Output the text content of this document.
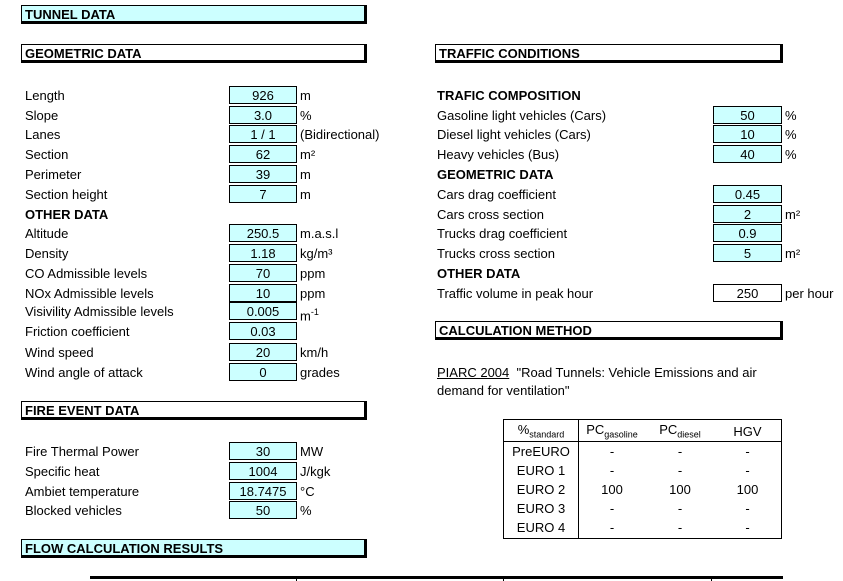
TUNNEL DATA
GEOMETRIC DATA	TRAFFIC CONDITIONS
CALCULATION METHOD
FIRE EVENT DATA
FLOW CALCULATION RESULTS
Length	926	m
Slope	3.0	%
Lanes	1 / 1	(Bidirectional)
Section	62	m²
Perimeter	39	m
Section height	7	m
OTHER DATA
Altitude	250.5	m.a.s.l
Density	1.18	kg/m³
CO Admissible levels	70	ppm
NOx Admissible levels	10	ppm
Visivility Admissible levels	0.005	$m^{-1}$
Friction coefficient	0.03
Wind speed	20	km/h
Wind angle of attack	0	grades
Fire Thermal Power	30	MW
Specific heat	1004	J/kgk
Ambiet temperature	18.7475	°C
Blocked vehicles	50	%
TRAFIC COMPOSITION
Gasoline light vehicles (Cars)	50	%
Diesel light vehicles (Cars)	10	%
Heavy vehicles (Bus)	40	%
GEOMETRIC DATA
Cars drag coefficient	0.45
Cars cross section	2	m²
Trucks drag coefficient	0.9
Trucks cross section	5	m²
OTHER DATA
Traffic volume in peak hour	250	per hour
PIARC 2004  "Road Tunnels: Vehicle Emissions and air
demand for ventilation"
$\%_{standard}$	$PC_{gasoline}$	$PC_{diesel}$	HGV
PreEURO	-	-	-
EURO 1	-	-	-
EURO 2	100	100	100
EURO 3	-	-	-
EURO 4	-	-	-
